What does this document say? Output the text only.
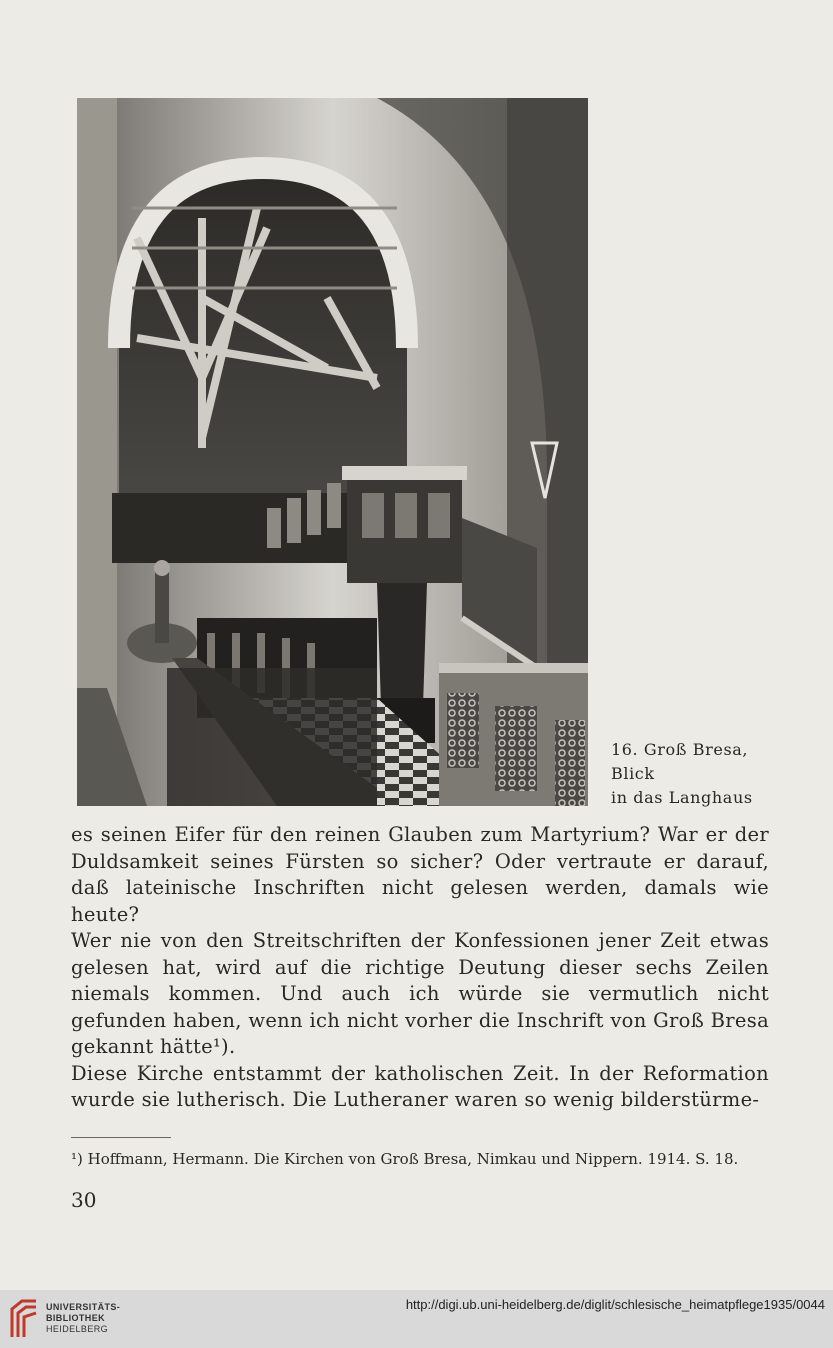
16. Groß Bresa,
Blick
in das Langhaus

es seinen Eifer für den reinen Glauben zum Martyrium? War er der Duldsamkeit seines Fürsten so sicher? Oder vertraute er darauf, daß lateinische Inschriften nicht gelesen werden, damals wie heute?

Wer nie von den Streitschriften der Konfessionen jener Zeit etwas gelesen hat, wird auf die richtige Deutung dieser sechs Zeilen niemals kommen. Und auch ich würde sie vermutlich nicht gefunden haben, wenn ich nicht vorher die Inschrift von Groß Bresa gekannt hätte¹).

Diese Kirche entstammt der katholischen Zeit. In der Reformation wurde sie lutherisch. Die Lutheraner waren so wenig bilderstürme-

¹) Hoffmann, Hermann. Die Kirchen von Groß Bresa, Nimkau und Nippern. 1914. S. 18.
30
UNIVERSITÄTS-
BIBLIOTHEK
HEIDELBERG
http://digi.ub.uni-heidelberg.de/diglit/schlesische_heimatpflege1935/0044
